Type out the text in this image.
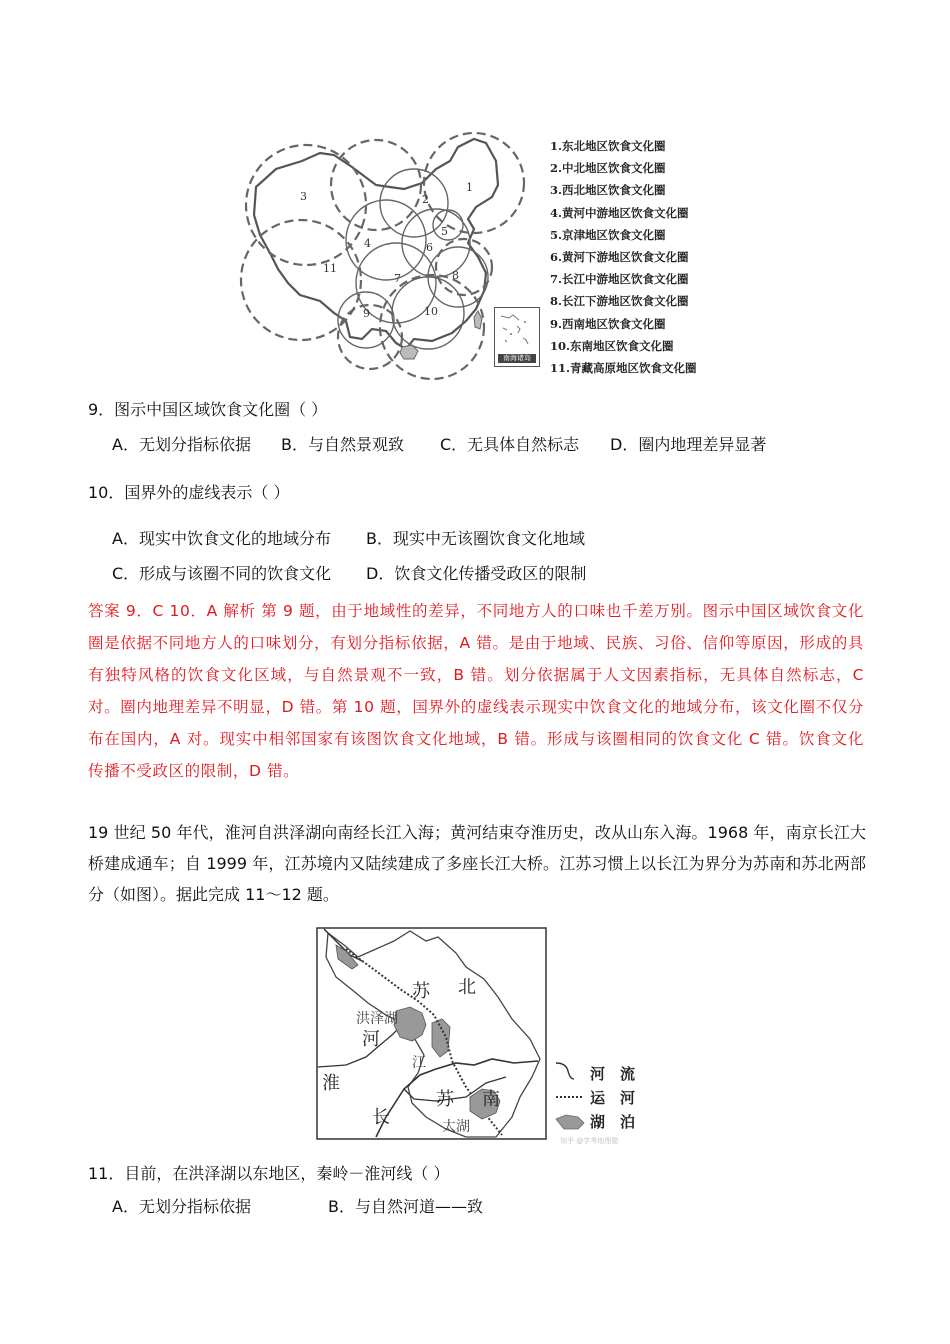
3
11
1
2
4
5
6
7	8
9	10
南海诸岛
1.东北地区饮食文化圈
2.中北地区饮食文化圈
3.西北地区饮食文化圈
4.黄河中游地区饮食文化圈
5.京津地区饮食文化圈
6.黄河下游地区饮食文化圈
7.长江中游地区饮食文化圈
8.长江下游地区饮食文化圈
9.西南地区饮食文化圈
10.东南地区饮食文化圈
11.青藏高原地区饮食文化圈
9．图示中国区域饮食文化圈（ ）
A．无划分指标依据 B．与自然景观致 C．无具体自然标志 D．圈内地理差异显著
10．国界外的虚线表示（ ）
A．现实中饮食文化的地域分布 B．现实中无该圈饮食文化地域
C．形成与该圈不同的饮食文化 D．饮食文化传播受政区的限制
答案 9．C 10．A 解析 第 9 题，由于地域性的差异，不同地方人的口味也千差万别。图示中国区域饮食文化圈是依据不同地方人的口味划分，有划分指标依据，A 错。是由于地域、民族、习俗、信仰等原因，形成的具有独特风格的饮食文化区域，与自然景观不一致，B 错。划分依据属于人文因素指标，无具体自然标志，C 对。圈内地理差异不明显，D 错。第 10 题，国界外的虚线表示现实中饮食文化的地域分布，该文化圈不仅分布在国内，A 对。现实中相邻国家有该图饮食文化地域，B 错。形成与该圈相同的饮食文化 C 错。饮食文化传播不受政区的限制，D 错。
19 世纪 50 年代，淮河自洪泽湖向南经长江入海；黄河结束夺淮历史，改从山东入海。1968 年，南京长江大桥建成通车；自 1999 年，江苏境内又陆续建成了多座长江大桥。江苏习惯上以长江为界分为苏南和苏北两部分（如图）。据此完成 11～12 题。
苏 北
洪泽湖
河
淮
江
苏 南
长	太湖
河　流
运　河
湖　泊
知乎 @学考地理题
11．目前，在洪泽湖以东地区，秦岭－淮河线（ ）
A．无划分指标依据	B．与自然河道——致
